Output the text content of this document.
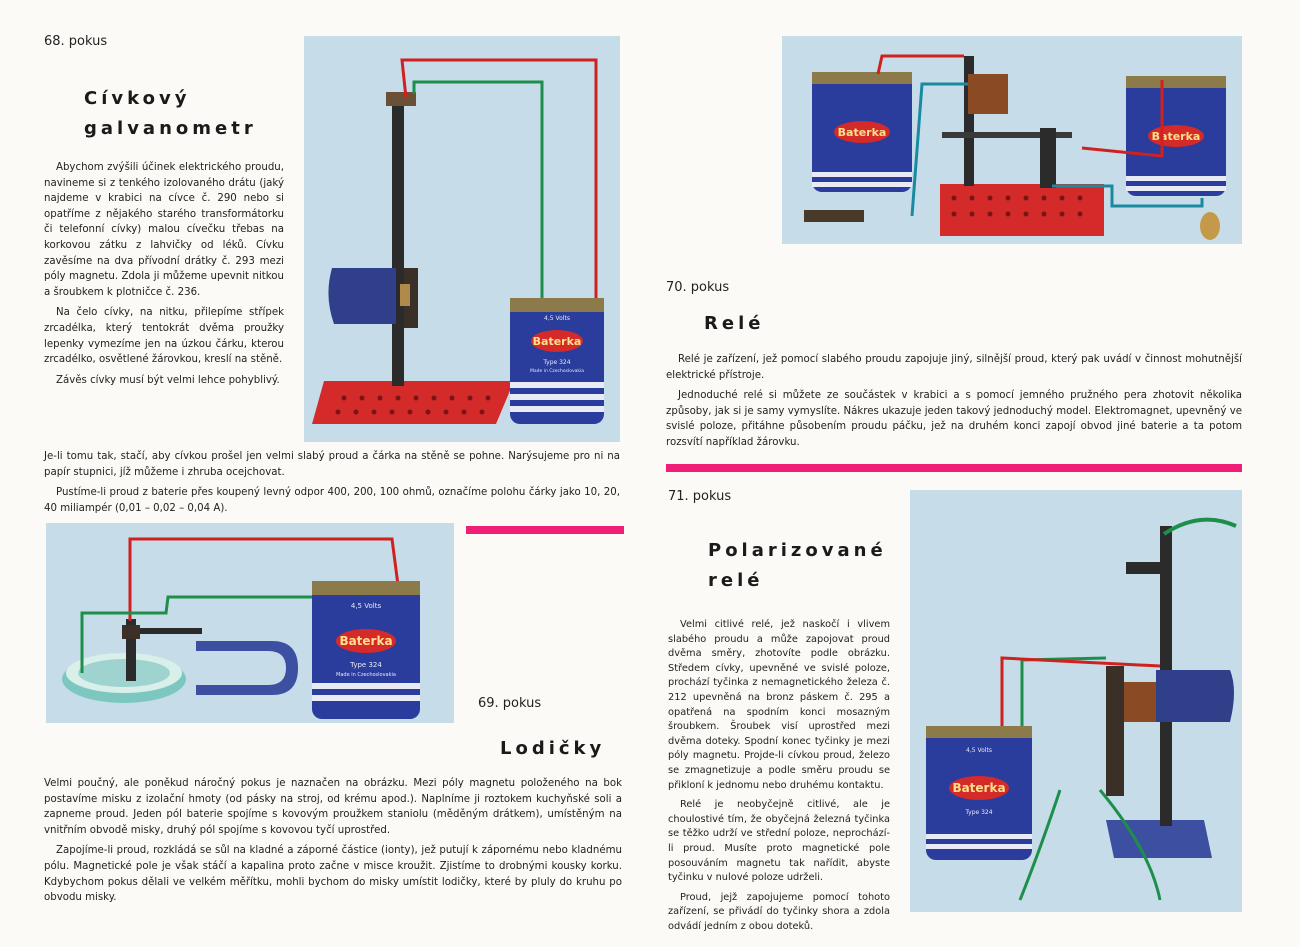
68. pokus
Cívkový
galvanometr

Abychom zvýšili účinek elektrického proudu, navineme si z tenkého izolovaného drátu (jaký najdeme v krabici na cívce č. 290 nebo si opatříme z nějakého starého transformátorku či telefonní cívky) malou cívečku třebas na korkovou zátku z lahvičky od léků. Cívku zavěsíme na dva přívodní drátky č. 293 mezi póly magnetu. Zdola ji můžeme upevnit nitkou a šroubkem k plotničce č. 236.

Na čelo cívky, na nitku, přilepíme střípek zrcadélka, který tentokrát dvěma proužky lepenky vymezíme jen na úzkou čárku, kterou zrcadélko, osvětlené žárovkou, kreslí na stěně.

Závěs cívky musí být velmi lehce pohyblivý.

Je-li tomu tak, stačí, aby cívkou prošel jen velmi slabý proud a čárka na stěně se pohne. Narýsujeme pro ni na papír stupnici, jíž můžeme i zhruba ocejchovat.

Pustíme-li proud z baterie přes koupený levný odpor 400, 200, 100 ohmů, označíme polohu čárky jako 10, 20, 40 miliampér (0,01 – 0,02 – 0,04 A).

Baterka
4,5 Volts
Type 324
Made in Czechoslovakia
Baterka
4,5 Volts
Type 324
Made in Czechoslovakia
69. pokus
Lodičky

Velmi poučný, ale poněkud náročný pokus je naznačen na obrázku. Mezi póly magnetu položeného na bok postavíme misku z izolační hmoty (od pásky na stroj, od krému apod.). Naplníme ji roztokem kuchyňské soli a zapneme proud. Jeden pól baterie spojíme s kovovým proužkem staniolu (měděným drátkem), umístěným na vnitřním obvodě misky, druhý pól spojíme s kovovou tyčí uprostřed.

Zapojíme-li proud, rozkládá se sůl na kladné a záporné částice (ionty), jež putují k zápornému nebo kladnému pólu. Magnetické pole je však stáčí a kapalina proto začne v misce kroužit. Zjistíme to drobnými kousky korku. Kdybychom pokus dělali ve velkém měřítku, mohli bychom do misky umístit lodičky, které by pluly do kruhu po obvodu misky.

Baterka	Baterka
70. pokus
Relé

Relé je zařízení, jež pomocí slabého proudu zapojuje jiný, silnější proud, který pak uvádí v činnost mohutnější elektrické přístroje.

Jednoduché relé si můžete ze součástek v krabici a s pomocí jemného pružného pera zhotovit několika způsoby, jak si je samy vymyslíte. Nákres ukazuje jeden takový jednoduchý model. Elektromagnet, upevněný ve svislé poloze, přitáhne působením proudu páčku, jež na druhém konci zapojí obvod jiné baterie a ta potom rozsvítí například žárovku.

71. pokus
Polarizované
relé

Velmi citlivé relé, jež naskočí i vlivem slabého proudu a může zapojovat proud dvěma směry, zhotovíte podle obrázku. Středem cívky, upevněné ve svislé poloze, prochází tyčinka z nemagnetického železa č. 212 upevněná na bronz páskem č. 295 a opatřená na spodním konci mosazným šroubkem. Šroubek visí uprostřed mezi dvěma doteky. Spodní konec tyčinky je mezi póly magnetu. Projde-li cívkou proud, železo se zmagnetizuje a podle směru proudu se přikloní k jednomu nebo druhému kontaktu.

Relé je neobyčejně citlivé, ale je choulostivé tím, že obyčejná železná tyčinka se těžko udrží ve střední poloze, neprochází-li proud. Musíte proto magnetické pole posouváním magnetu tak nařídit, abyste tyčinku v nulové poloze udrželi.

Proud, jejž zapojujeme pomocí tohoto zařízení, se přivádí do tyčinky shora a zdola odvádí jedním z obou doteků.

Baterka
4,5 Volts
Type 324
